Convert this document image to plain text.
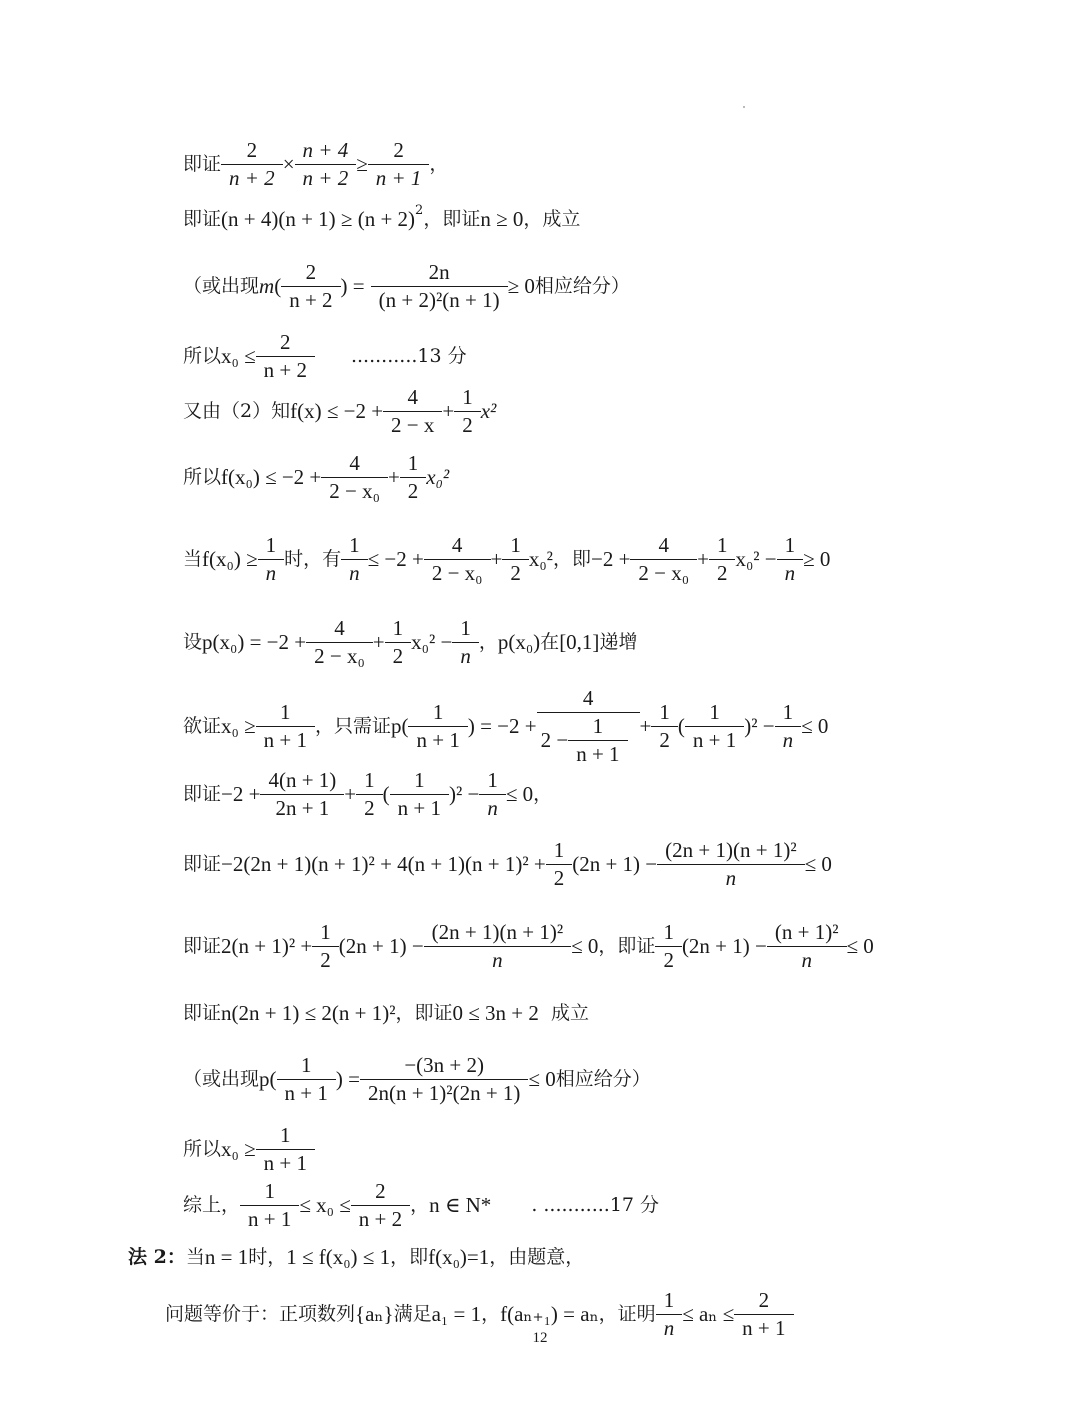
即证 $\frac{2}{n + 2} \times \frac{n + 4}{n + 2} \ge \frac{2}{n + 1}$ ，
即证 (n + 4)(n + 1) ≥ (n + 2) 2 ，即证 n ≥ 0 ，成立
（或出现 m ( $\frac{2}{n + 2}$ ) = $\frac{2n}{\text{(n + 2)²(n + 1)}} \ge 0$ 相应给分）
所以 $x_0 \le \frac{2}{n + 2} ...........13$ 分
又由（2）知 $f(x) \le -2 + \frac{4}{2 - x} + \frac{1}{2} x^2$
所以 $f(x_0) \le -2 + \frac{4}{\text{2 − x₀}} + \frac{1}{2} x_0^2$
当 $f(x_0) \ge \frac{1}{n}$ 时，有 $\frac{1}{n} \le -2 + \frac{4}{\text{2 − x₀}} + \frac{1}{2} x_0^2$ ，即 $-2 + \frac{4}{\text{2 − x₀}} + \frac{1}{2} x_0^2 - \frac{1}{n} \ge 0$
设 $p(x_0) = -2 + \frac{4}{\text{2 − x₀}} + \frac{1}{2} x_0^2 - \frac{1}{n}$ ， p(x₀) 在 [0,1] 递增
欲证 $x_0 \ge \frac{1}{n + 1}$ ，只需证 $p( \frac{1}{n + 1}$ ) = $-2 + \frac{4}{2 - \frac{1}{n + 1}} + \frac{1}{2}$ ( $\frac{1}{n + 1} )^2 - \frac{1}{n} \le 0$
即证 $-2 + \frac{4(n + 1)}{2n + 1} + \frac{1}{2}$ ( $\frac{1}{n + 1} )^2 - \frac{1}{n} \le 0$ ，
即证 $-2(2n + 1)(n + 1)^2 + 4(n + 1)(n + 1)^2 + \frac{1}{2} (2n + 1) - \frac{\text{(2n + 1)(n + 1)²}}{n} \le 0$
即证 $2(n + 1)^2 + \frac{1}{2} (2n + 1) - \frac{\text{(2n + 1)(n + 1)²}}{n} \le 0$ ，即证 $\frac{1}{2} (2n + 1) - \frac{\text{(n + 1)²}}{n} \le 0$
即证 n(2n + 1) ≤ 2(n + 1)² ，即证 0 ≤ 3n + 2 成立
（或出现 $p( \frac{1}{n + 1}$ ) = $\frac{-(3n + 2)}{\text{2n(n + 1)²(2n + 1)}} \le 0$ 相应给分）
所以 $x_0 \ge \frac{1}{n + 1}$
综上， $\frac{1}{n + 1} \le x_0 \le \frac{2}{n + 2}$ ， n ∈ N* . ...........17 分
法 2： 当 n = 1 时， 1 ≤ f(x₀) ≤ 1 ，即 f(x₀)=1 ，由题意，
问题等价于：正项数列 {aₙ} 满足 a₁ = 1 ， f(aₙ₊₁) = aₙ ，证明 $\frac{1}{n} \le a_n \le \frac{2}{n + 1}$
12
